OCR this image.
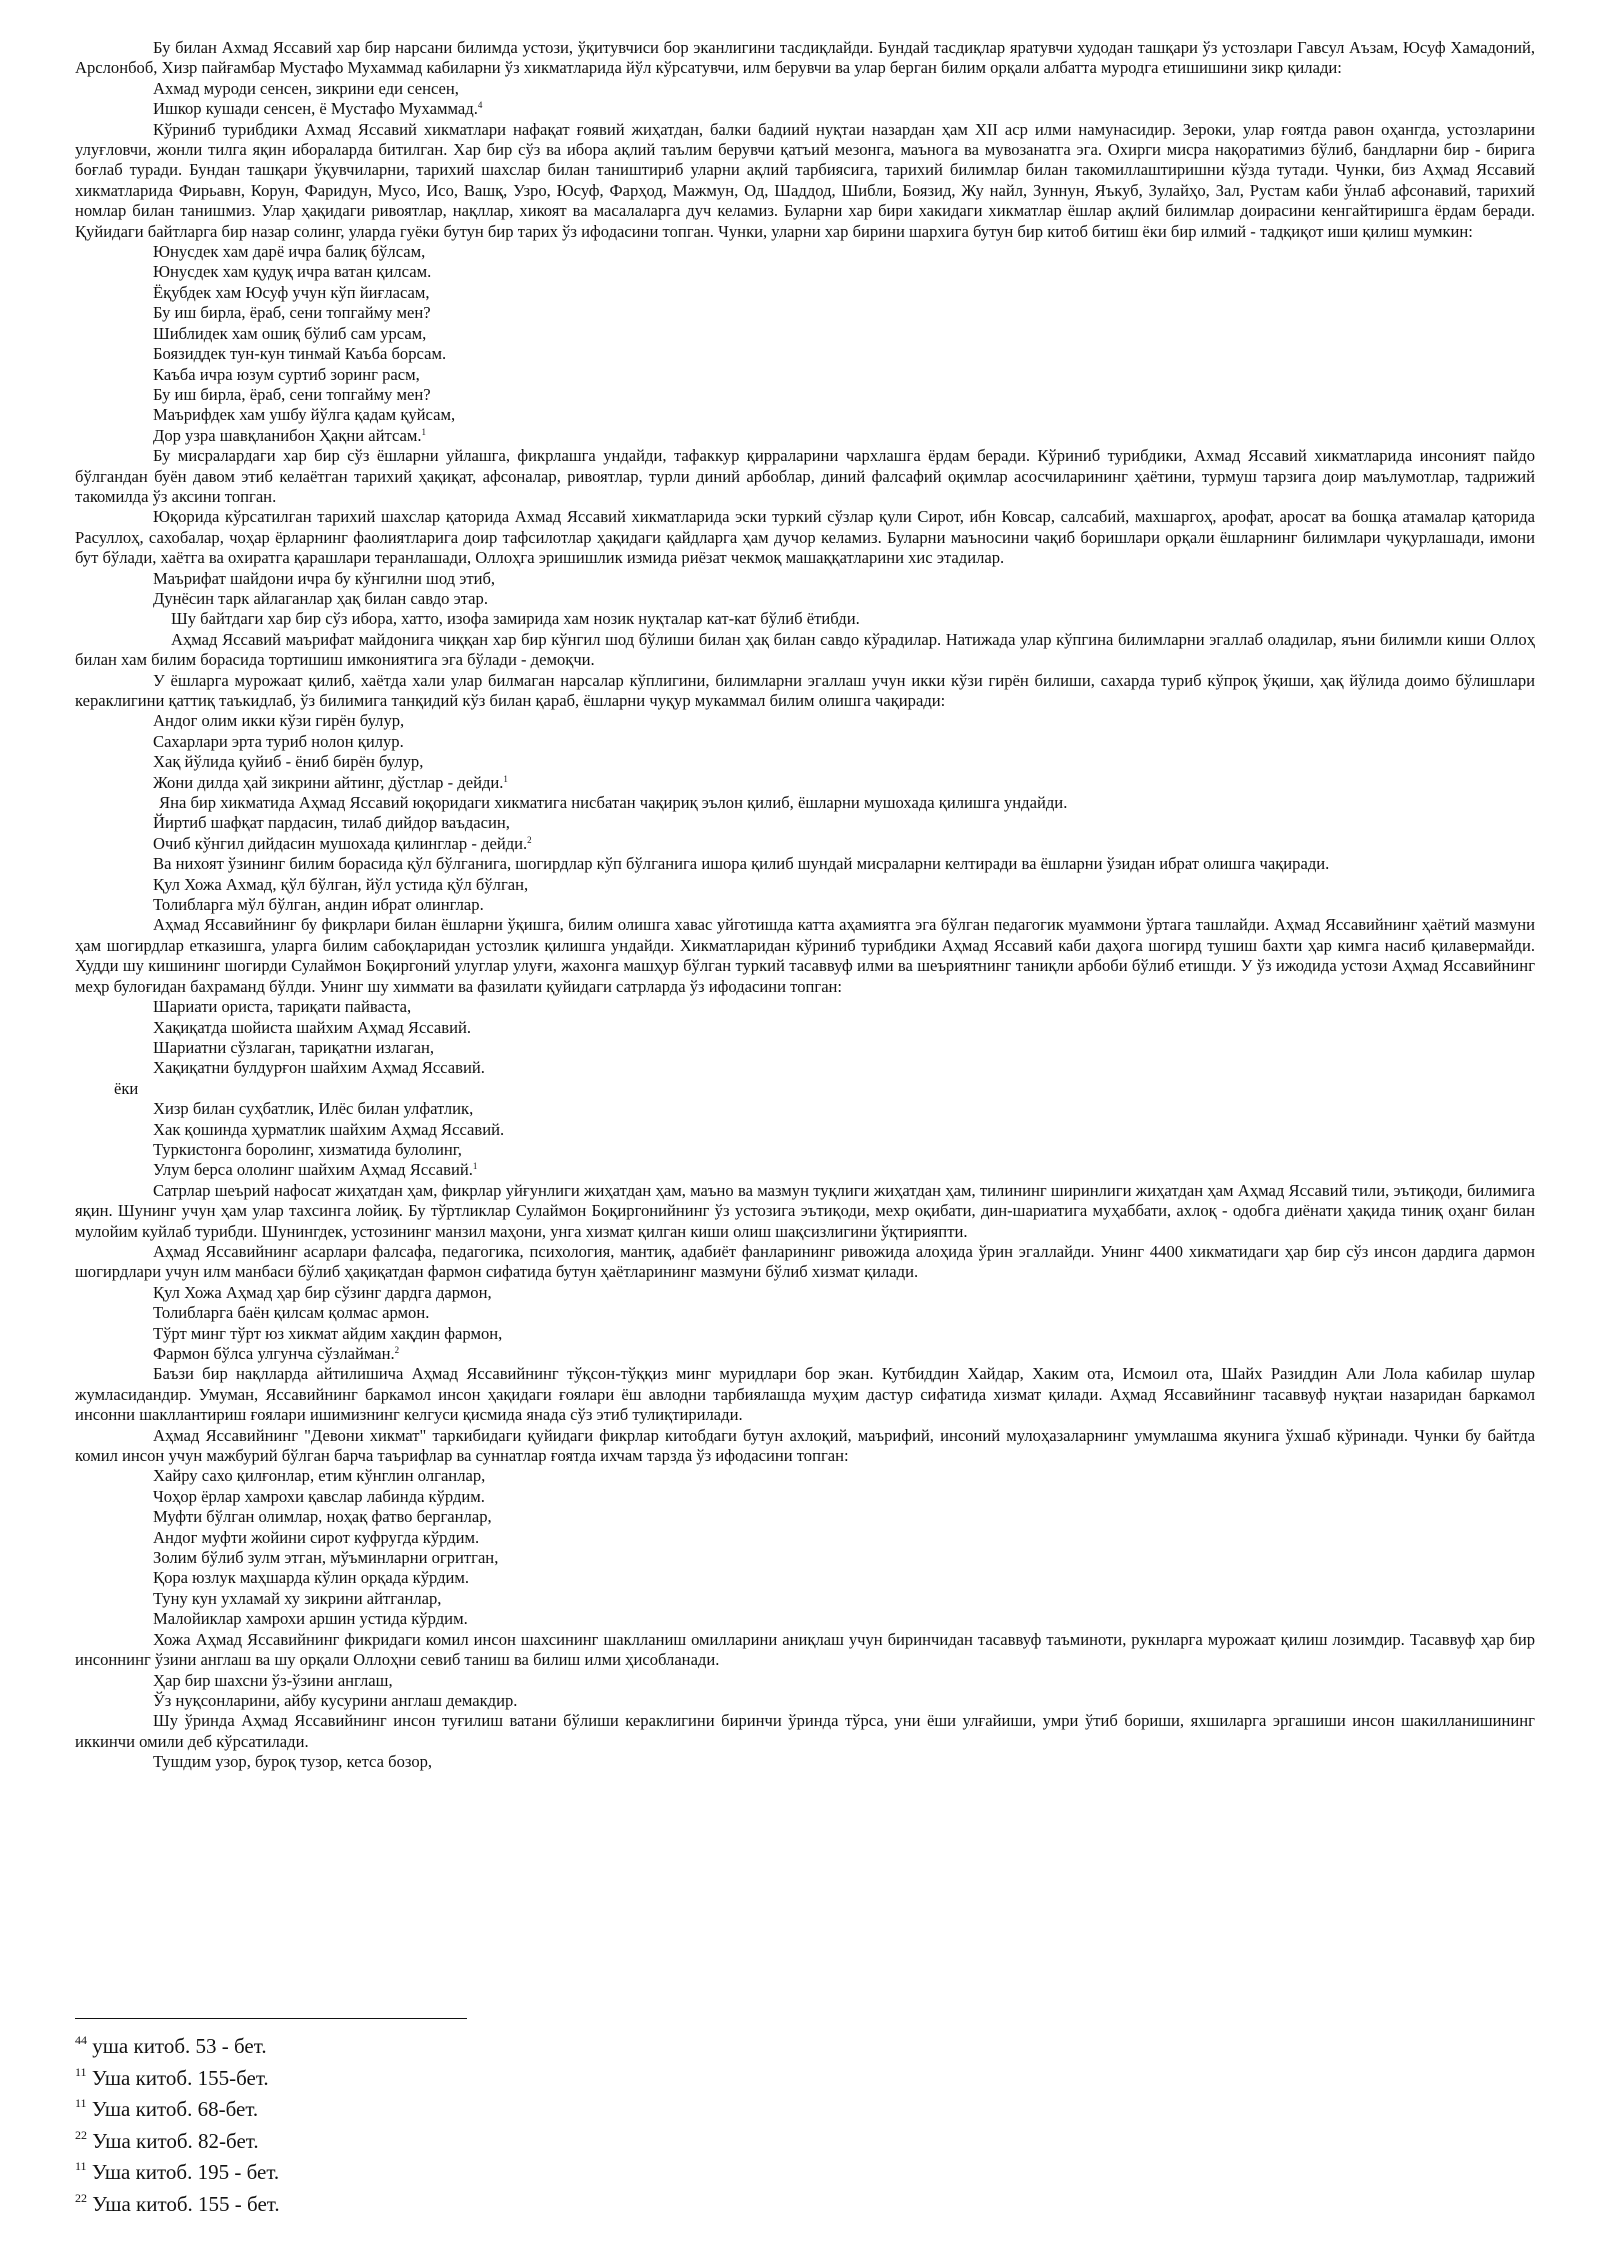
Бу билан Ахмад Яссавий хар бир нарсани билимда устози, ўқитувчиси бор эканлигини тасдиқлайди. Бундай тасдиқлар яратувчи худодан ташқари ўз устозлари Гавсул Аъзам, Юсуф Хамадоний, Арслонбоб, Хизр пайғамбар Мустафо Мухаммад кабиларни ўз хикматларида йўл кўрсатувчи, илм берувчи ва улар берган билим орқали албатта муродга етишишини зикр қилади:
Ахмад муроди сенсен, зикрини еди сенсен,
Ишкор кушади сенсен, ё Мустафо Мухаммад.$^4$
Кўриниб турибдики Ахмад Яссавий хикматлари нафақат ғоявий жиҳатдан, балки бадиий нуқтаи назардан ҳам XII аср илми намунасидир. Зероки, улар ғоятда равон оҳангда, устозларини улуғловчи, жонли тилга яқин ибораларда битилган. Хар бир сўз ва ибора ақлий таълим берувчи қатъий мезонга, маънога ва мувозанатга эга. Охирги мисра нақоратимиз бўлиб, бандларни бир - бирига боғлаб туради. Бундан ташқари ўқувчиларни, тарихий шахслар билан таништириб уларни ақлий тарбиясига, тарихий билимлар билан такомиллаштиришни кўзда тутади. Чунки, биз Аҳмад Яссавий хикматларида Фирьавн, Корун, Фаридун, Мусо, Исо, Вашқ, Узро, Юсуф, Фарҳод, Мажмун, Од, Шаддод, Шибли, Боязид, Жу найл, Зуннун, Яъкуб, Зулайҳо, Зал, Рустам каби ўнлаб афсонавий, тарихий номлар билан танишмиз. Улар ҳақидаги ривоятлар, нақллар, хикоят ва масалаларга дуч келамиз. Буларни хар бири хакидаги хикматлар ёшлар ақлий билимлар доирасини кенгайтиришга ёрдам беради. Қуйидаги байтларга бир назар солинг, уларда гуёки бутун бир тарих ўз ифодасини топган. Чунки, уларни хар бирини шархига бутун бир китоб битиш ёки бир илмий - тадқиқот иши қилиш мумкин:
Юнусдек хам дарё ичра балиқ бўлсам,
Юнусдек хам қудуқ ичра ватан қилсам.
Ёқубдек хам Юсуф учун кўп йиғласам,
Бу иш бирла, ёраб, сени топгайму мен?
Шиблидек хам ошиқ бўлиб сам урсам,
Боязиддек тун-кун тинмай Каъба борсам.
Каъба ичра юзум суртиб зоринг расм,
Бу иш бирла, ёраб, сени топгайму мен?
Маърифдек хам ушбу йўлга қадам қуйсам,
Дор узра шавқланибон Ҳақни айтсам.$^1$
Бу мисралардаги хар бир сўз ёшларни уйлашга, фикрлашга ундайди, тафаккур қирраларини чархлашга ёрдам беради. Кўриниб турибдики, Ахмад Яссавий хикматларида инсоният пайдо бўлгандан буён давом этиб келаётган тарихий ҳақиқат, афсоналар, ривоятлар, турли диний арбоблар, диний фалсафий оқимлар асосчиларининг ҳаётини, турмуш тарзига доир маълумотлар, тадрижий такомилда ўз аксини топган.
Юқорида кўрсатилган тарихий шахслар қаторида Ахмад Яссавий хикматларида эски туркий сўзлар қули Сирот, ибн Ковсар, салсабий, махшаргоҳ, арофат, аросат ва бошқа атамалар қаторида Расуллоҳ, сахобалар, чоҳар ёрларнинг фаолиятларига доир тафсилотлар ҳақидаги қайдларга ҳам дучор келамиз. Буларни маъносини чақиб боришлари орқали ёшларнинг билимлари чуқурлашади, имони бут бўлади, хаётга ва охиратга қарашлари теранлашади, Оллоҳга эришишлик измида риёзат чекмоқ машаққатларини хис этадилар.
Маърифат шайдони ичра бу кўнгилни шод этиб,
Дунёсин тарк айлаганлар ҳақ билан савдо этар.
Шу байтдаги хар бир сўз ибора, хатто, изофа замирида хам нозик нуқталар кат-кат бўлиб ётибди.
Аҳмад Яссавий маърифат майдонига чиққан хар бир кўнгил шод бўлиши билан ҳақ билан савдо кўрадилар. Натижада улар кўпгина билимларни эгаллаб оладилар, яъни билимли киши Оллоҳ билан хам билим борасида тортишиш имкониятига эга бўлади - демоқчи.
У ёшларга мурожаат қилиб, хаётда хали улар билмаган нарсалар кўплигини, билимларни эгаллаш учун икки кўзи гирён билиши, сахарда туриб кўпроқ ўқиши, ҳақ йўлида доимо бўлишлари кераклигини қаттиқ таъкидлаб, ўз билимига танқидий кўз билан қараб, ёшларни чуқур мукаммал билим олишга чақиради:
Андог олим икки кўзи гирён булур,
Сахарлари эрта туриб нолон қилур.
Хақ йўлида қуйиб - ёниб бирён булур,
Жони дилда ҳай зикрини айтинг, дўстлар - дейди.$^1$
Яна бир хикматида Аҳмад Яссавий юқоридаги хикматига нисбатан чақириқ эълон қилиб, ёшларни мушохада қилишга ундайди.
Йиртиб шафқат пардасин, тилаб дийдор ваъдасин,
Очиб кўнгил дийдасин мушохада қилинглар - дейди.$^2$
Ва нихоят ўзининг билим борасида қўл бўлганига, шогирдлар кўп бўлганига ишора қилиб шундай мисраларни келтиради ва ёшларни ўзидан ибрат олишга чақиради.
Қул Хожа Ахмад, қўл бўлган, йўл устида қўл бўлган,
Толибларга мўл бўлган, андин ибрат олинглар.
Аҳмад Яссавийнинг бу фикрлари билан ёшларни ўқишга, билим олишга хавас уйготишда катта аҳамиятга эга бўлган педагогик муаммони ўртага ташлайди. Аҳмад Яссавийнинг ҳаётий мазмуни ҳам шогирдлар етказишга, уларга билим сабоқларидан устозлик қилишга ундайди. Хикматларидан кўриниб турибдики Аҳмад Яссавий каби даҳога шогирд тушиш бахти ҳар кимга насиб қилавермайди. Худди шу кишининг шогирди Сулаймон Боқиргоний улуглар улуғи, жахонга машҳур бўлган туркий тасаввуф илми ва шеъриятнинг таниқли арбоби бўлиб етишди. У ўз ижодида устози Аҳмад Яссавийнинг меҳр булоғидан бахраманд бўлди. Унинг шу химмати ва фазилати қуйидаги сатрларда ўз ифодасини топган:
Шариати ориста, тариқати пайваста,
Хақиқатда шойиста шайхим Аҳмад Яссавий.
Шариатни сўзлаган, тариқатни излаган,
Хақиқатни булдурғон шайхим Аҳмад Яссавий.
ёки
Хизр билан суҳбатлик, Илёс билан улфатлик,
Хак қошинда ҳурматлик шайхим Аҳмад Яссавий.
Туркистонга боролинг, хизматида булолинг,
Улум берса ололинг шайхим Аҳмад Яссавий.$^1$
Сатрлар шеърий нафосат жиҳатдан ҳам, фикрлар уйғунлиги жиҳатдан ҳам, маъно ва мазмун туқлиги жиҳатдан ҳам, тилининг ширинлиги жиҳатдан ҳам Аҳмад Яссавий тили, эътиқоди, билимига яқин. Шунинг учун ҳам улар тахсинга лойиқ. Бу тўртликлар Сулаймон Боқиргонийнинг ўз устозига эътиқоди, мехр оқибати, дин-шариатига муҳаббати, ахлоқ - одобга диёнати ҳақида тиниқ оҳанг билан мулойим куйлаб турибди. Шунингдек, устозининг манзил маҳони, унга хизмат қилган киши олиш шақсизлигини ўқтирияпти.
Аҳмад Яссавийнинг асарлари фалсафа, педагогика, психология, мантиқ, адабиёт фанларининг ривожида алоҳида ўрин эгаллайди. Унинг 4400 хикматидаги ҳар бир сўз инсон дардига дармон шогирдлари учун илм манбаси бўлиб ҳақиқатдан фармон сифатида бутун ҳаётларининг мазмуни бўлиб хизмат қилади.
Қул Хожа Аҳмад ҳар бир сўзинг дардга дармон,
Толибларга баён қилсам қолмас армон.
Тўрт минг тўрт юз хикмат айдим хақдин фармон,
Фармон бўлса улгунча сўзлайман.$^2$
Баъзи бир нақлларда айтилишича Аҳмад Яссавийнинг тўқсон-тўққиз минг муридлари бор экан. Кутбиддин Хайдар, Хаким ота, Исмоил ота, Шайх Разиддин Али Лола кабилар шулар жумласидандир. Умуман, Яссавийнинг баркамол инсон ҳақидаги ғоялари ёш авлодни тарбиялашда муҳим дастур сифатида хизмат қилади. Аҳмад Яссавийнинг тасаввуф нуқтаи назаридан баркамол инсонни шакллантириш ғоялари ишимизнинг келгуси қисмида янада сўз этиб тулиқтирилади.
Аҳмад Яссавийнинг "Девони хикмат" таркибидаги қуйидаги фикрлар китобдаги бутун ахлоқий, маърифий, инсоний мулоҳазаларнинг умумлашма якунига ўхшаб кўринади. Чунки бу байтда комил инсон учун мажбурий бўлган барча таърифлар ва суннатлар ғоятда ихчам тарзда ўз ифодасини топган:
Хайру сахо қилғонлар, етим кўнглин олганлар,
Чоҳор ёрлар хамрохи қавслар лабинда кўрдим.
Муфти бўлган олимлар, ноҳақ фатво берганлар,
Андог муфти жойини сирот куфругда кўрдим.
Золим бўлиб зулм этган, мўъминларни огритган,
Қора юзлук маҳшарда кўлин орқада кўрдим.
Туну кун ухламай ху зикрини айтганлар,
Малойиклар хамрохи аршин устида кўрдим.
Хожа Аҳмад Яссавийнинг фикридаги комил инсон шахсининг шаклланиш омилларини аниқлаш учун биринчидан тасаввуф таъминоти, рукнларга мурожаат қилиш лозимдир. Тасаввуф ҳар бир инсоннинг ўзини англаш ва шу орқали Оллоҳни севиб таниш ва билиш илми ҳисобланади.
Ҳар бир шахсни ўз-ўзини англаш,
Ўз нуқсонларини, айбу кусурини англаш демакдир.
Шу ўринда Аҳмад Яссавийнинг инсон туғилиш ватани бўлиши кераклигини биринчи ўринда тўрса, уни ёши улғайиши, умри ўтиб бориши, яхшиларга эргашиши инсон шакилланишининг иккинчи омили деб кўрсатилади.
Тушдим узор, буроқ тузор, кетса бозор,
$^{44}$ уша китоб. 53 - бет.
$^{11}$ Уша китоб. 155-бет.
$^{11}$ Уша китоб. 68-бет.
$^{22}$ Уша китоб. 82-бет.
$^{11}$ Уша китоб. 195 - бет.
$^{22}$ Уша китоб. 155 - бет.
